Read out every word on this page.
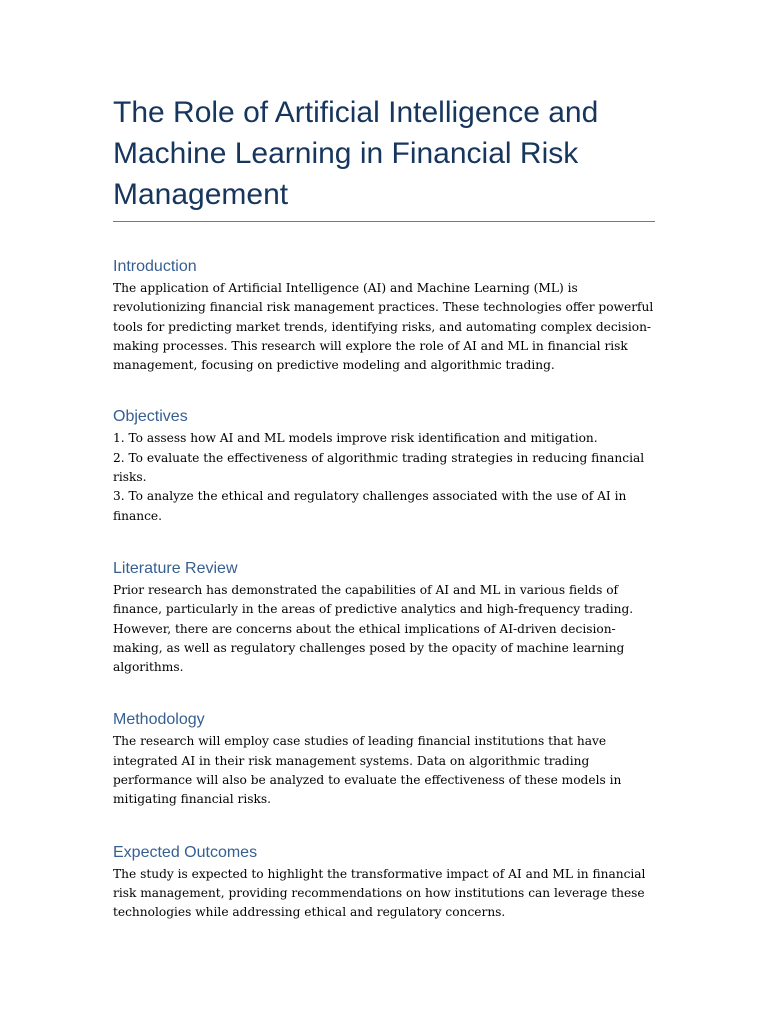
The Role of Artificial Intelligence and Machine Learning in Financial Risk Management
Introduction

The application of Artificial Intelligence (AI) and Machine Learning (ML) is revolutionizing financial risk management practices. These technologies offer powerful tools for predicting market trends, identifying risks, and automating complex decision-making processes. This research will explore the role of AI and ML in financial risk management, focusing on predictive modeling and algorithmic trading.

Objectives
1. To assess how AI and ML models improve risk identification and mitigation.
2. To evaluate the effectiveness of algorithmic trading strategies in reducing financial risks.
3. To analyze the ethical and regulatory challenges associated with the use of AI in finance.
Literature Review

Prior research has demonstrated the capabilities of AI and ML in various fields of finance, particularly in the areas of predictive analytics and high-frequency trading. However, there are concerns about the ethical implications of AI-driven decision-making, as well as regulatory challenges posed by the opacity of machine learning algorithms.

Methodology

The research will employ case studies of leading financial institutions that have integrated AI in their risk management systems. Data on algorithmic trading performance will also be analyzed to evaluate the effectiveness of these models in mitigating financial risks.

Expected Outcomes

The study is expected to highlight the transformative impact of AI and ML in financial risk management, providing recommendations on how institutions can leverage these technologies while addressing ethical and regulatory concerns.
